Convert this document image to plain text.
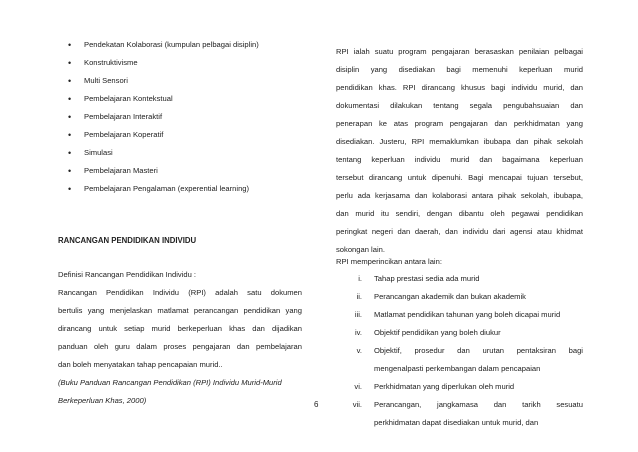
• Pendekatan Kolaborasi (kumpulan pelbagai disiplin)
• Konstruktivisme
• Multi Sensori
• Pembelajaran Kontekstual
• Pembelajaran Interaktif
• Pembelajaran Koperatif
• Simulasi
• Pembelajaran Masteri
• Pembelajaran Pengalaman (experential learning)
RANCANGAN PENDIDIKAN INDIVIDU
Definisi Rancangan Pendidikan Individu :
Rancangan Pendidikan Individu (RPI) adalah satu dokumen
bertulis yang menjelaskan matlamat perancangan pendidikan yang
dirancang untuk setiap murid berkeperluan khas dan dijadikan
panduan oleh guru dalam proses pengajaran dan pembelajaran
dan boleh menyatakan tahap pencapaian murid..
(Buku Panduan Rancangan Pendidikan (RPI) Individu Murid-Murid
Berkeperluan Khas, 2000)
RPI ialah suatu program pengajaran berasaskan penilaian pelbagai
disiplin yang disediakan bagi memenuhi keperluan murid
pendidikan khas. RPI dirancang khusus bagi individu murid, dan
dokumentasi dilakukan tentang segala pengubahsuaian dan
penerapan ke atas program pengajaran dan perkhidmatan yang
disediakan. Justeru, RPI memaklumkan ibubapa dan pihak sekolah
tentang keperluan individu murid dan bagaimana keperluan
tersebut dirancang untuk dipenuhi. Bagi mencapai tujuan tersebut,
perlu ada kerjasama dan kolaborasi antara pihak sekolah, ibubapa,
dan murid itu sendiri, dengan dibantu oleh pegawai pendidikan
peringkat negeri dan daerah, dan individu dari agensi atau khidmat
sokongan lain.
RPI memperincikan antara lain:
i. Tahap prestasi sedia ada murid
ii. Perancangan akademik dan bukan akademik
iii. Matlamat pendidikan tahunan yang boleh dicapai murid
iv. Objektif pendidikan yang boleh diukur
v. Objektif, prosedur dan urutan pentaksiran bagi
mengenalpasti perkembangan dalam pencapaian
vi. Perkhidmatan yang diperlukan oleh murid
vii. Perancangan, jangkamasa dan tarikh sesuatu
perkhidmatan dapat disediakan untuk murid, dan
6
